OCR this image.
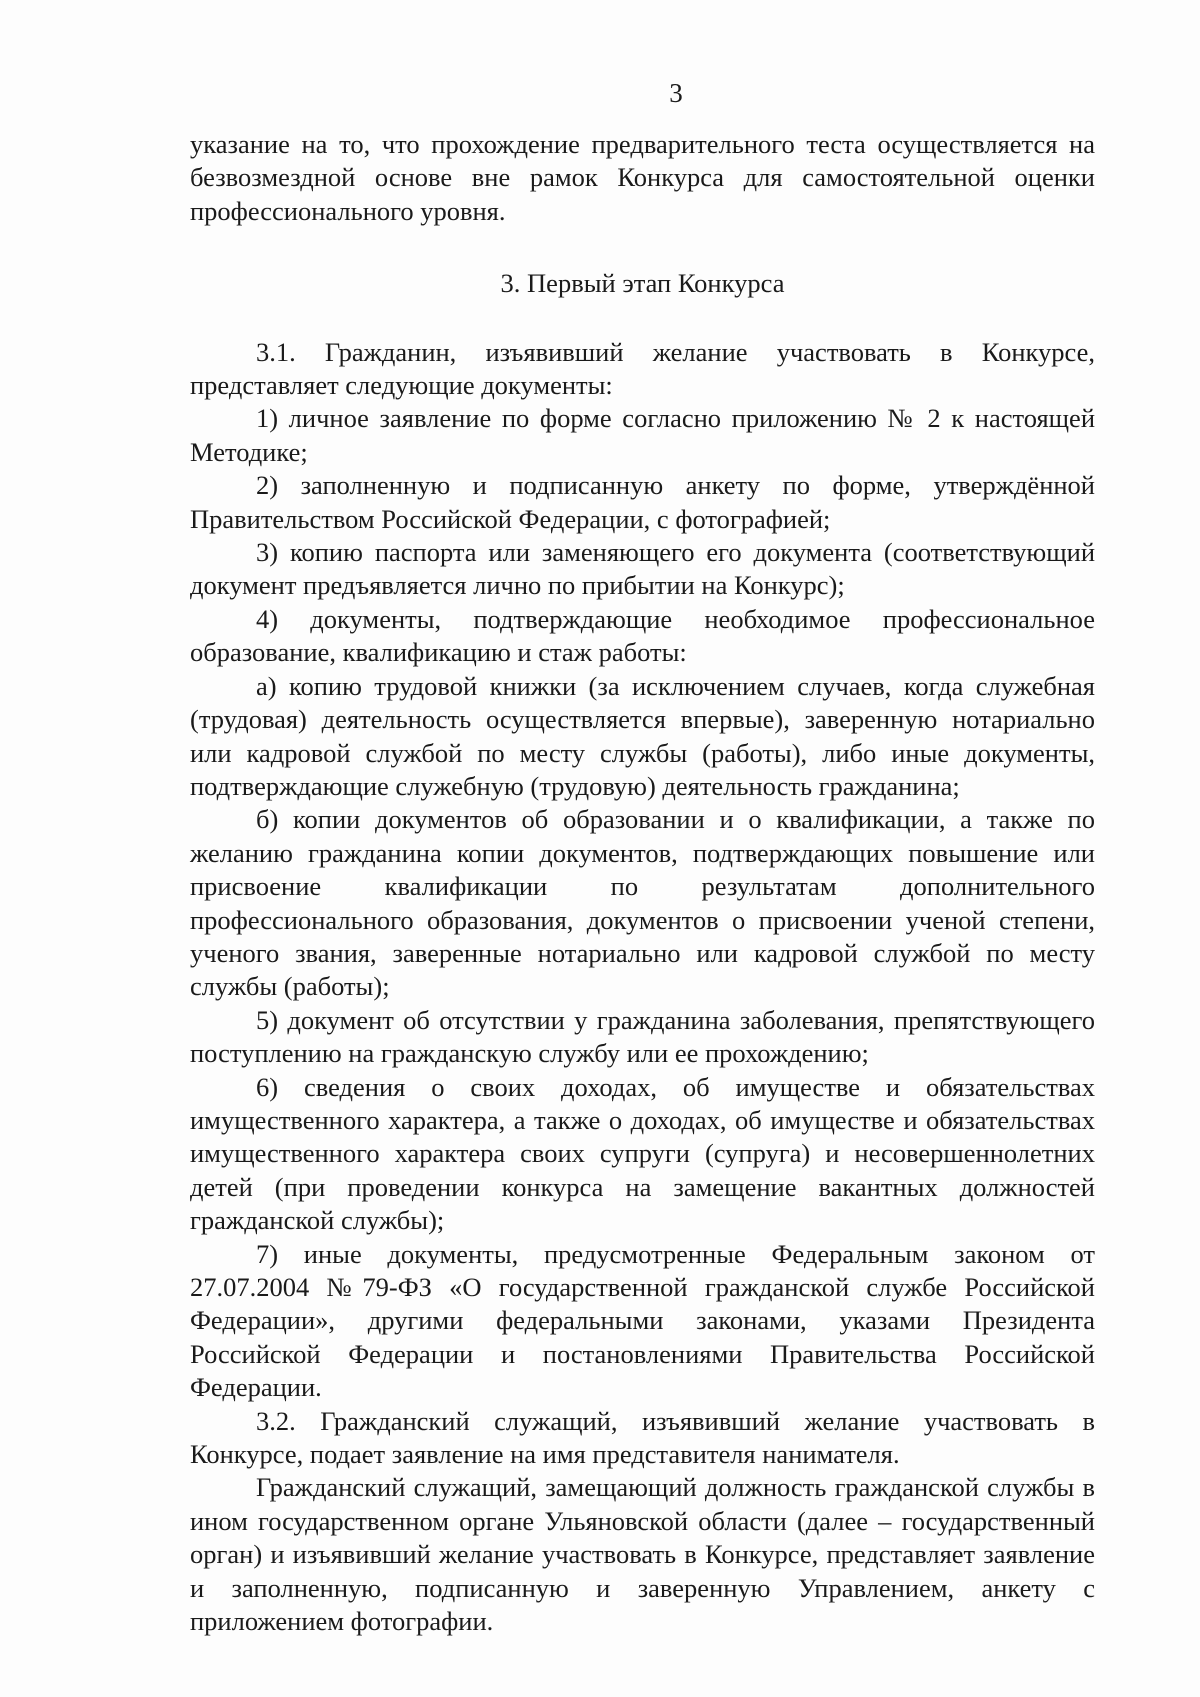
3

указание на то, что прохождение предварительного теста осуществляется на безвозмездной основе вне рамок Конкурса для самостоятельной оценки профессионального уровня.

3. Первый этап Конкурса

3.1. Гражданин, изъявивший желание участвовать в Конкурсе, представляет следующие документы:

1) личное заявление по форме согласно приложению № 2 к настоящей Методике;

2) заполненную и подписанную анкету по форме, утверждённой Правительством Российской Федерации, с фотографией;

3) копию паспорта или заменяющего его документа (соответствующий документ предъявляется лично по прибытии на Конкурс);

4) документы, подтверждающие необходимое профессиональное образование, квалификацию и стаж работы:

а) копию трудовой книжки (за исключением случаев, когда служебная (трудовая) деятельность осуществляется впервые), заверенную нотариально или кадровой службой по месту службы (работы), либо иные документы, подтверждающие служебную (трудовую) деятельность гражданина;

б) копии документов об образовании и о квалификации, а также по желанию гражданина копии документов, подтверждающих повышение или присвоение квалификации по результатам дополнительного профессионального образования, документов о присвоении ученой степени, ученого звания, заверенные нотариально или кадровой службой по месту службы (работы);

5) документ об отсутствии у гражданина заболевания, препятствующего поступлению на гражданскую службу или ее прохождению;

6) сведения о своих доходах, об имуществе и обязательствах имущественного характера, а также о доходах, об имуществе и обязательствах имущественного характера своих супруги (супруга) и несовершеннолетних детей (при проведении конкурса на замещение вакантных должностей гражданской службы);

7) иные документы, предусмотренные Федеральным законом от 27.07.2004 №79-ФЗ «О государственной гражданской службе Российской Федерации», другими федеральными законами, указами Президента Российской Федерации и постановлениями Правительства Российской Федерации.

3.2. Гражданский служащий, изъявивший желание участвовать в Конкурсе, подает заявление на имя представителя нанимателя.

Гражданский служащий, замещающий должность гражданской службы в ином государственном органе Ульяновской области (далее – государственный орган) и изъявивший желание участвовать в Конкурсе, представляет заявление и заполненную, подписанную и заверенную Управлением, анкету с приложением фотографии.
